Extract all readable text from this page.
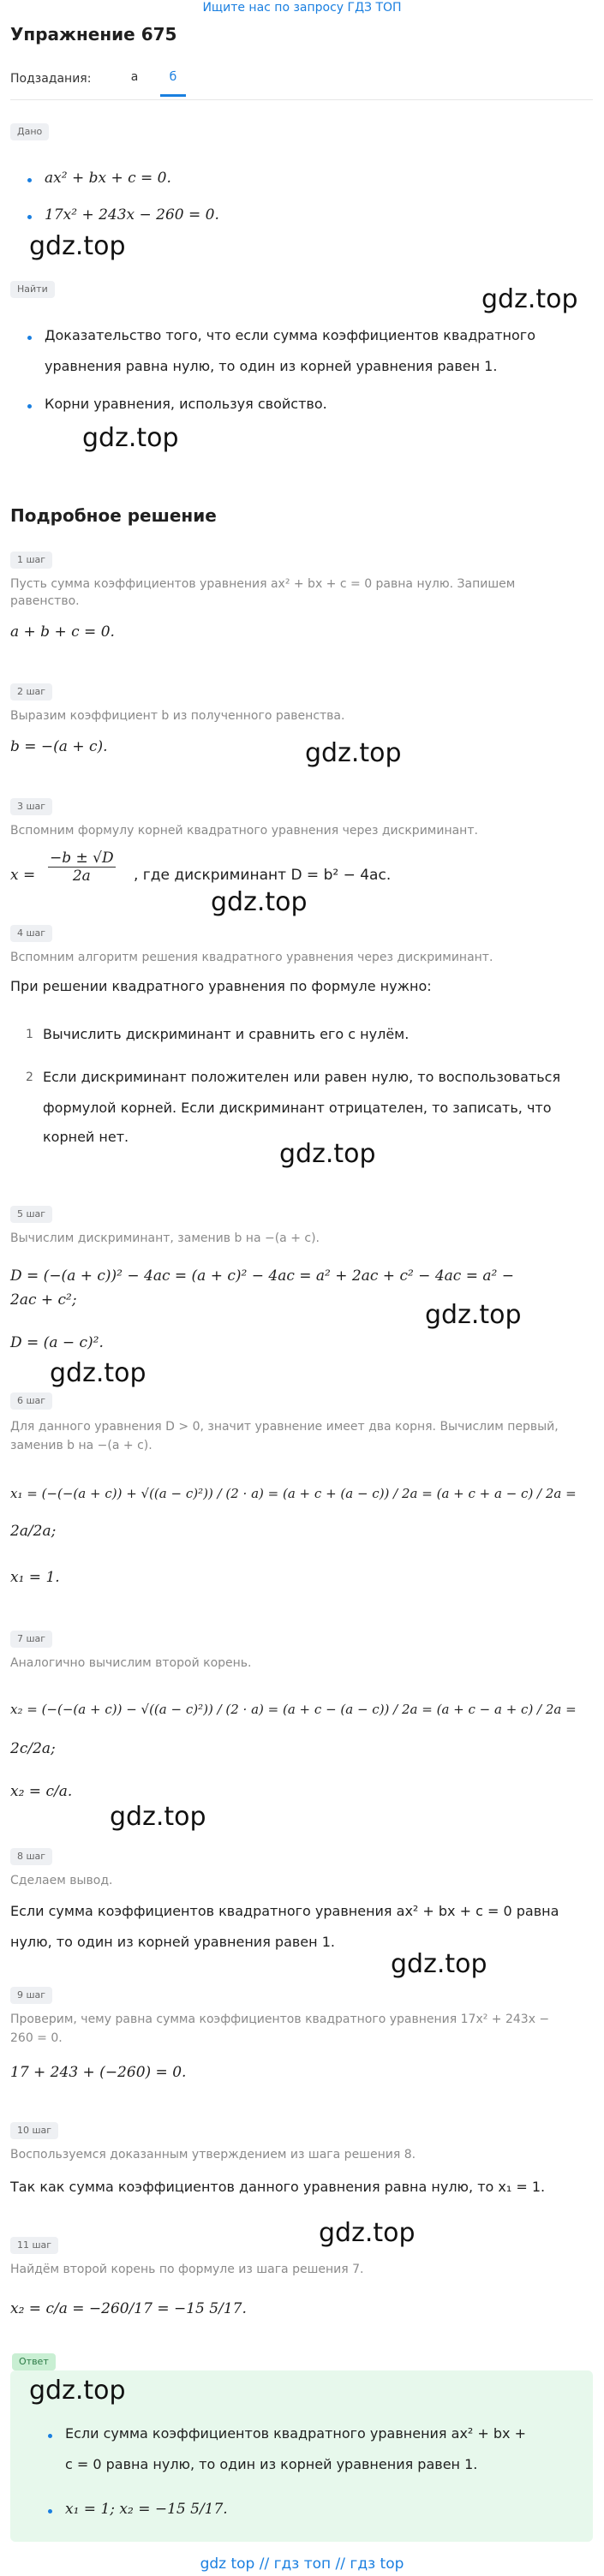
Ищите нас по запросу ГДЗ ТОП
Упражнение 675
Подзадания:	а	б
Дано
ax² + bx + c = 0.
17x² + 243x − 260 = 0.
gdz.top
Найти	gdz.top
Доказательство того, что если сумма коэффициентов квадратного
уравнения равна нулю, то один из корней уравнения равен 1.
Корни уравнения, используя свойство.
gdz.top
Подробное решение
1 шаг
Пусть сумма коэффициентов уравнения ax² + bx + c = 0 равна нулю. Запишем
равенство.
a + b + c = 0.
2 шаг
Выразим коэффициент b из полученного равенства.
b = −(a + c).	gdz.top
3 шаг
Вспомним формулу корней квадратного уравнения через дискриминант.
$x = \frac{-b \pm √D}{2a}$ , где дискриминант D = b² − 4ac.
gdz.top
4 шаг
Вспомним алгоритм решения квадратного уравнения через дискриминант.
При решении квадратного уравнения по формуле нужно:
1 Вычислить дискриминант и сравнить его с нулём.
2 Если дискриминант положителен или равен нулю, то воспользоваться
формулой корней. Если дискриминант отрицателен, то записать, что
корней нет.
gdz.top
5 шаг
Вычислим дискриминант, заменив b на −(a + c).
D = (−(a + c))² − 4ac = (a + c)² − 4ac = a² + 2ac + c² − 4ac = a² −
2ac + c²;
D = (a − c)².
gdz.top
gdz.top
6 шаг
Для данного уравнения D > 0, значит уравнение имеет два корня. Вычислим первый,
заменив b на −(a + c).
x₁ = (−(−(a + c)) + √((a − c)²)) / (2 · a) = (a + c + (a − c)) / 2a = (a + c + a − c) / 2a =
2a/2a;
x₁ = 1.
7 шаг
Аналогично вычислим второй корень.
x₂ = (−(−(a + c)) − √((a − c)²)) / (2 · a) = (a + c − (a − c)) / 2a = (a + c − a + c) / 2a =
2c/2a;
x₂ = c/a.
gdz.top
8 шаг
Сделаем вывод.
Если сумма коэффициентов квадратного уравнения ax² + bx + c = 0 равна
нулю, то один из корней уравнения равен 1.
gdz.top
9 шаг
Проверим, чему равна сумма коэффициентов квадратного уравнения 17x² + 243x −
260 = 0.
17 + 243 + (−260) = 0.
10 шаг
Воспользуемся доказанным утверждением из шага решения 8.
Так как сумма коэффициентов данного уравнения равна нулю, то x₁ = 1.
gdz.top
11 шаг
Найдём второй корень по формуле из шага решения 7.
x₂ = c/a = −260/17 = −15 5/17.
Ответ
gdz.top
Если сумма коэффициентов квадратного уравнения ax² + bx +
c = 0 равна нулю, то один из корней уравнения равен 1.
x₁ = 1; x₂ = −15 5/17.
gdz top // гдз топ // гдз top
